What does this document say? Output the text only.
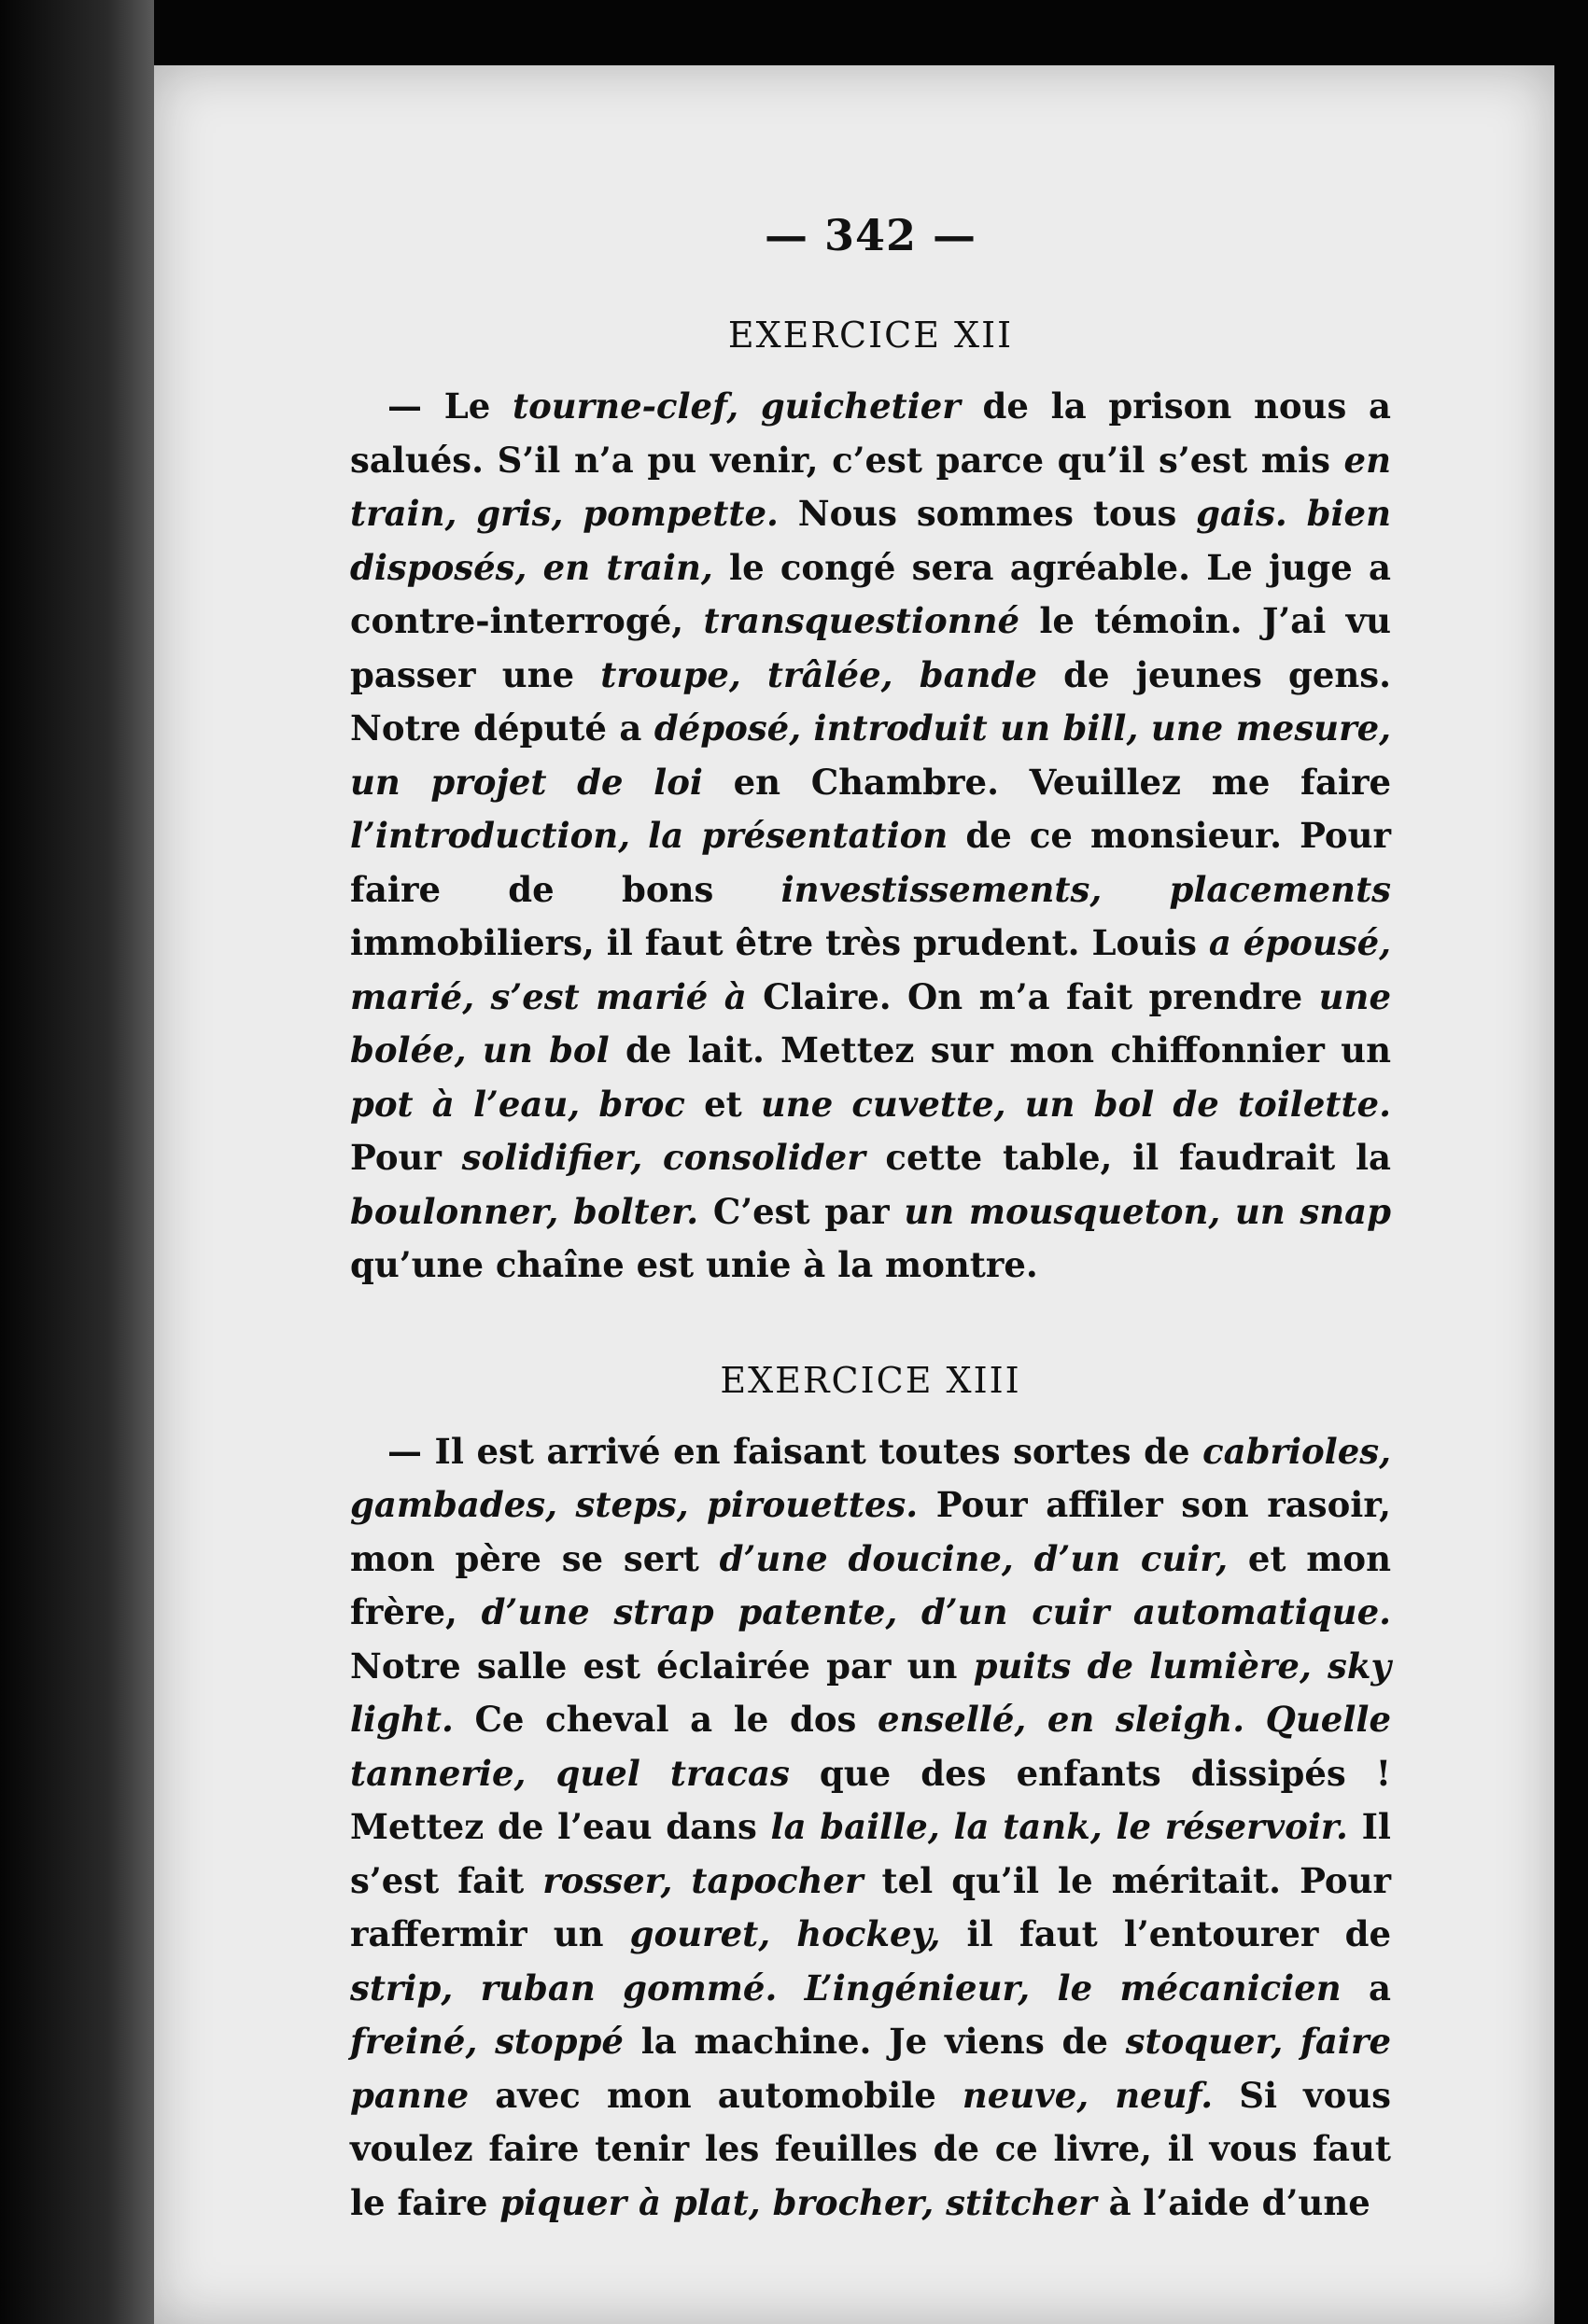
— 342 —
EXERCICE XII

— Le tourne-clef, guichetier de la prison nous a salués. S’il n’a pu venir, c’est parce qu’il s’est mis en train, gris, pompette. Nous sommes tous gais. bien disposés, en train, le congé sera agréable. Le juge a contre-interrogé, transquestionné le témoin. J’ai vu passer une troupe, trâlée, bande de jeunes gens. Notre député a déposé, introduit un bill, une mesure, un projet de loi en Chambre. Veuillez me faire l’introduction, la présentation de ce monsieur. Pour faire de bons investissements, placements immobiliers, il faut être très prudent. Louis a épousé, marié, s’est marié à Claire. On m’a fait prendre une bolée, un bol de lait. Mettez sur mon chiffonnier un pot à l’eau, broc et une cuvette, un bol de toilette. Pour solidifier, consolider cette table, il faudrait la boulonner, bolter. C’est par un mousqueton, un snap qu’une chaîne est unie à la montre.

EXERCICE XIII

— Il est arrivé en faisant toutes sortes de cabrioles, gambades, steps, pirouettes. Pour affiler son rasoir, mon père se sert d’une doucine, d’un cuir, et mon frère, d’une strap patente, d’un cuir automatique. Notre salle est éclairée par un puits de lumière, sky light. Ce cheval a le dos ensellé, en sleigh. Quelle tannerie, quel tracas que des enfants dissipés ! Mettez de l’eau dans la baille, la tank, le réservoir. Il s’est fait rosser, tapocher tel qu’il le méritait. Pour raffermir un gouret, hockey, il faut l’entourer de strip, ruban gommé. L’ingénieur, le mécanicien a freiné, stoppé la machine. Je viens de stoquer, faire panne avec mon automobile neuve, neuf. Si vous voulez faire tenir les feuilles de ce livre, il vous faut le faire piquer à plat, brocher, stitcher à l’aide d’une
